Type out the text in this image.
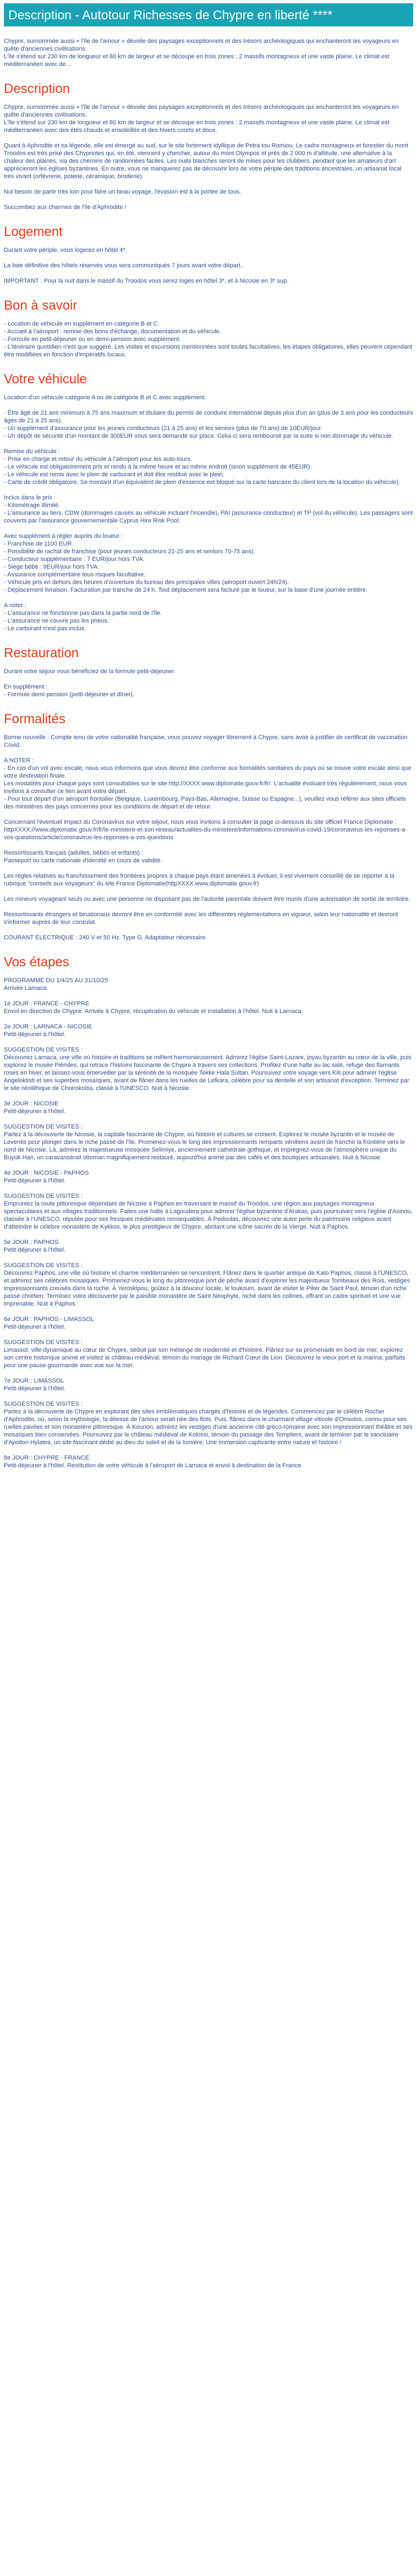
Description - Autotour Richesses de Chypre en liberté ****

Chypre, surnommée aussi « l'île de l'amour » dévoile des paysages exceptionnels et des trésors archéologiques qui enchanteront les voyageurs en quête d'anciennes civilisations.
L'île s'étend sur 230 km de longueur et 80 km de largeur et se découpe en trois zones : 2 massifs montagneux et une vaste plaine. Le climat est méditerranéen avec de…

Description

Chypre, surnommée aussi « l'île de l'amour » dévoile des paysages exceptionnels et des trésors archéologiques qui enchanteront les voyageurs en quête d'anciennes civilisations.
L'île s'étend sur 230 km de longueur et 80 km de largeur et se découpe en trois zones : 2 massifs montagneux et une vaste plaine. Le climat est méditerranéen avec des étés chauds et ensoleillés et des hivers courts et doux.

Quant à Aphrodite et sa légende, elle est émergé au sud, sur le site fortement idyllique de Petra tou Romiou. Le cadre montagneux et forestier du mont Troodos est très prisé des Chypriotes qui, en été, viennent y chercher, autour du mont Olympos et près de 2 000 m d'altitude, une alternative à la chaleur des plaines, via des chemins de randonnées faciles. Les nuits blanches seront de mises pour les clubbers, pendant que les amateurs d'art apprécieront les églises byzantines. En outre, vous ne manquerez pas de découvrir lors de votre périple des traditions ancestrales, un artisanat local très vivant (orfèvrerie, poterie, céramique, broderie).

Nul besoin de partir très loin pour faire un beau voyage, l'évasion est à la portée de tous.

Succombez aux charmes de l'île d'Aphrodite !

Logement

Durant votre périple, vous logerez en hôtel 4*.

La liste définitive des hôtels réservés vous sera communiqués 7 jours avant votre départ.

IMPORTANT : Pour la nuit dans le massif du Troodos vous serez logés en hôtel 3*, et à Nicosie en 3* sup.

Bon à savoir

- Location de véhicule en supplément en catégorie B et C.
- Accueil à l'aéroport : remise des bons d'échange, documentation et du véhicule.
- Formule en petit-déjeuner ou en demi-pension avec supplément.
- L'itinéraire quotidien n'est que suggéré. Les visites et excursions mentionnées sont toutes facultatives, les étapes obligatoires, elles peuvent cependant être modifiées en fonction d'impératifs locaux.

Votre véhicule

Location d'un véhicule catégorie A ou de catégorie B et C avec supplément.

- Être âgé de 21 ans minimum à 75 ans maximum et titulaire du permis de conduire international depuis plus d'un an (plus de 3 ans pour les conducteurs âgés de 21 à 25 ans).
- Un supplément d'assurance pour les jeunes conducteurs (21 à 25 ans) et les seniors (plus de 70 ans) de 10EUR/jour.
- Un dépôt de sécurité d'un montant de 300EUR vous sera demandé sur place. Celui-ci sera remboursé par la suite si non dommage du véhicule.

Remise du véhicule :
- Prise en charge et retour du véhicule à l'aéroport pour les auto-tours.
- Le véhicule est obligatoirement pris et rendu à la même heure et au même endroit (sinon supplément de 45EUR).
- Le véhicule est remis avec le plein de carburant et doit être restitué avec le plein.
- Carte de crédit obligatoire. Se montant d'un équivalent de plein d'essence est bloqué sur la carte bancaire du client lors de la location du véhicule).

Inclus dans le prix :
- Kilométrage illimité.
- L'assurance au tiers, CDW (dommages causés au véhicule incluant l'incendie), PAI (assurance conducteur) et TP (vol du véhicule). Les passagers sont couverts par l'assurance gouvernementale Cyprus Hire Risk Pool.

Avec supplément à régler auprès du loueur :
- Franchise de 1100 EUR.
- Possibilité de rachat de franchise (pour jeunes conducteurs 21-25 ans et seniors 70-75 ans).
- Conducteur supplémentaire : 7 EUR/jour hors TVA.
- Siège bébé : 9EUR/jour hors TVA.
- Assurance complémentaire tous risques facultative.
- Véhicule pris en dehors des heures d'ouverture du bureau des principales villes (aéroport ouvert 24h/24).
- Déplacement livraison. Facturation par tranche de 24 h. Tout déplacement sera facturé par le loueur, sur la base d'une journée entière.

A noter :
- L'assurance ne fonctionne pas dans la partie nord de l'île.
- L'assurance ne couvre pas les pneus.
- Le carburant n'est pas inclus.

Restauration

Durant votre séjour vous bénéficiez de la formule petit-déjeuner.

En supplément :
- Formule demi-pension (petit-déjeuner et dîner).

Formalités

Bonne nouvelle : Compte tenu de votre nationalité française, vous pouvez voyager librement à Chypre, sans avoir à justifier de certificat de vaccination Covid.

A NOTER :
- En cas d'un vol avec escale, nous vous informons que vous devrez être conforme aux formalités sanitaires du pays où se trouve votre escale ainsi que votre destination finale.
Les modalités pour chaque pays sont consultables sur le site http://XXXX.www.diplomatie.gouv.fr/fr/. L'actualité évoluant très régulièrement, nous vous invitons à consulter ce lien avant votre départ.
- Pour tout départ d'un aéroport frontalier (Belgique, Luxembourg, Pays-Bas, Allemagne, Suisse ou Espagne...), veuillez vous référer aux sites officiels des ministères des pays concernés pour les conditions de départ et de retour.

Concernant l'éventuel impact du Coronavirus sur votre séjour, nous vous invitons à consulter la page ci-dessous du site officiel France Diplomatie :
httpXXXX://www.diplomatie.gouv.fr/fr/le-ministere-et-son-reseau/actualites-du-ministere/informations-coronavirus-covid-19/coronavirus-les-reponses-a-vos-questions/article/coronavirus-les-reponses-a-vos-questions

Ressortissants français (adultes, bébés et enfants) :
Passeport ou carte nationale d'identité en cours de validité.

Les règles relatives au franchissement des frontières propres à chaque pays étant amenées à évoluer, il est vivement conseillé de se reporter à la rubrique "conseils aux voyageurs" du site France Diplomatie(httpXXXX.www.diplomatie.gouv.fr)

Les mineurs voyageant seuls ou avec une personne ne disposant pas de l'autorité parentale doivent être munis d'une autorisation de sortie de territoire.

Ressortissants étrangers et binationaux devront être en conformité avec les différentes réglementations en vigueur, selon leur nationalité et devront s'informer auprès de leur consulat.

COURANT ÉLECTRIQUE : 240 V et 50 Hz. Type G. Adaptateur nécessaire.

Vos étapes

PROGRAMME DU 1/4/25 AU 31/10/25
Arrivée Larnaca

1e JOUR : FRANCE - CHYPRE
Envol en direction de Chypre. Arrivée à Chypre, récupération du véhicule et installation à l'hôtel. Nuit à Larnaca.

2e JOUR : LARNACA - NICOSIE
Petit-déjeuner à l'hôtel.

SUGGESTION DE VISITES :
Découvrez Larnaca, une ville où histoire et traditions se mêlent harmonieusement. Admirez l'église Saint-Lazare, joyau byzantin au cœur de la ville, puis explorez le musée Piérides, qui retrace l'histoire fascinante de Chypre à travers ses collections. Profitez d'une halte au lac salé, refuge des flamants roses en hiver, et laissez-vous émerveiller par la sérénité de la mosquée Tekke Hala Sultan. Poursuivez votre voyage vers Kiti pour admirer l'église Angeloktisti et ses superbes mosaïques, avant de flâner dans les ruelles de Lefkara, célèbre pour sa dentelle et son artisanat d'exception. Terminez par le site néolithique de Choirokoitia, classé à l'UNESCO. Nuit à Nicosie.

3e JOUR : NICOSIE
Petit-déjeuner à l'hôtel.

SUGGESTION DE VISITES :
Partez à la découverte de Nicosie, la capitale fascinante de Chypre, où histoire et cultures se croisent. Explorez le musée byzantin et le musée de Leventis pour plonger dans le riche passé de l'île. Promenez-vous le long des impressionnants remparts vénitiens avant de franchir la frontière vers le nord de Nicosie. Là, admirez la majestueuse mosquée Selimiye, anciennement cathédrale gothique, et imprégnez-vous de l'atmosphère unique du Büyük Han, un caravansérail ottoman magnifiquement restauré, aujourd'hui animé par des cafés et des boutiques artisanales. Nuit à Nicosie.

4e JOUR : NICOSIE - PAPHOS
Petit-déjeuner à l'hôtel.

SUGGESTION DE VISITES :
Empruntez la route pittoresque dépendant de Nicosie à Paphos en traversant le massif du Troodos, une région aux paysages montagneux spectaculaires et aux villages traditionnels. Faites une halte à Lagoudera pour admirer l'église byzantine d'Arakas, puis poursuivez vers l'église d'Asinou, classée à l'UNESCO, réputée pour ses fresques médiévales remarquables. À Pedoulas, découvrez une autre perle du patrimoine religieux avant d'atteindre le célèbre monastère de Kykkos, le plus prestigieux de Chypre, abritant une icône sacrée de la Vierge. Nuit à Paphos.

5e JOUR : PAPHOS
Petit-déjeuner à l'hôtel.

SUGGESTION DE VISITES :
Découvrez Paphos, une ville où histoire et charme méditerranéen se rencontrent. Flânez dans le quartier antique de Kato Paphos, classé à l'UNESCO, et admirez ses célèbres mosaïques. Promenez-vous le long du pittoresque port de pêche avant d'explorer les majestueux Tombeaux des Rois, vestiges impressionnants creusés dans la roche. À Yeroskipou, goûtez à la douceur locale, le loukoum, avant de visiter le Pilier de Saint Paul, témoin d'un riche passé chrétien. Terminez votre découverte par le paisible monastère de Saint Néophyte, niché dans les collines, offrant un cadre spirituel et une vue imprenable. Nuit à Paphos.

6e JOUR : PAPHOS - LIMASSOL
Petit-déjeuner à l'hôtel.

SUGGESTION DE VISITES :
Limassol, ville dynamique au cœur de Chypre, séduit par son mélange de modernité et d'histoire. Flânez sur sa promenade en bord de mer, explorez son centre historique animé et visitez le château médiéval, témoin du mariage de Richard Cœur de Lion. Découvrez le vieux port et la marina, parfaits pour une pause gourmande avec vue sur la mer.

7e JOUR : LIMASSOL
Petit-déjeuner à l'hôtel.

SUGGESTION DE VISITES :
Partez à la découverte de Chypre en explorant des sites emblématiques chargés d'histoire et de légendes. Commencez par le célèbre Rocher d'Aphrodite, où, selon la mythologie, la déesse de l'amour serait née des flots. Puis, flânez dans le charmant village viticole d'Omodos, connu pour ses ruelles pavées et son monastère pittoresque. À Kourion, admirez les vestiges d'une ancienne cité gréco-romaine avec son impressionnant théâtre et ses mosaïques bien conservées. Poursuivez par le château médiéval de Kolossi, témoin du passage des Templiers, avant de terminer par le sanctuaire d'Apollon Hylates, un site fascinant dédié au dieu du soleil et de la lumière. Une immersion captivante entre nature et histoire !

8e JOUR : CHYPRE - FRANCE
Petit-déjeuner à l'hôtel. Restitution de votre véhicule à l'aéroport de Larnaca et envol à destination de la France.
